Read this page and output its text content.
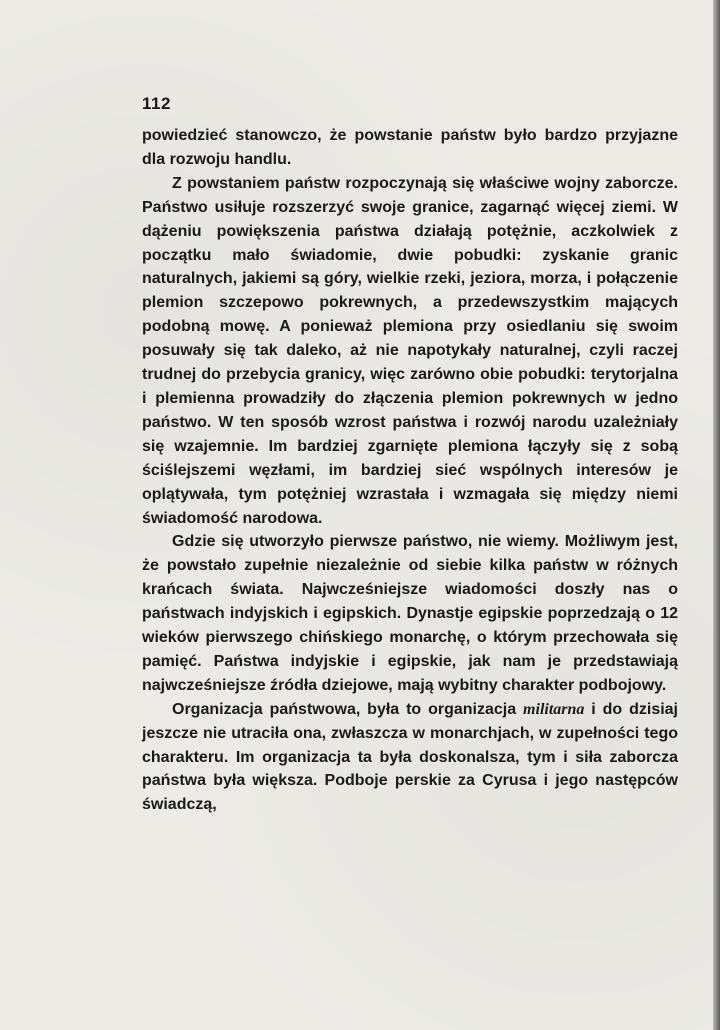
112

powiedzieć stanowczo, że powstanie państw było bardzo przyjazne dla rozwoju handlu.

Z powstaniem państw rozpoczynają się właściwe wojny zaborcze. Państwo usiłuje rozszerzyć swoje granice, zagarnąć więcej ziemi. W dążeniu powiększenia państwa działają potężnie, aczkolwiek z początku mało świadomie, dwie pobudki: zyskanie granic naturalnych, jakiemi są góry, wielkie rzeki, jeziora, morza, i połączenie plemion szczepowo pokrewnych, a przedewszystkim mających podobną mowę. A ponieważ plemiona przy osiedlaniu się swoim posuwały się tak daleko, aż nie napotykały naturalnej, czyli raczej trudnej do przebycia granicy, więc zarówno obie pobudki: terytorjalna i plemienna prowadziły do złączenia plemion pokrewnych w jedno państwo. W ten sposób wzrost państwa i rozwój narodu uzależniały się wzajemnie. Im bardziej zgarnięte plemiona łączyły się z sobą ściślejszemi węzłami, im bardziej sieć wspólnych interesów je oplątywała, tym potężniej wzrastała i wzmagała się między niemi świadomość narodowa.

Gdzie się utworzyło pierwsze państwo, nie wiemy. Możliwym jest, że powstało zupełnie niezależnie od siebie kilka państw w różnych krańcach świata. Najwcześniejsze wiadomości doszły nas o państwach indyjskich i egipskich. Dynastje egipskie poprzedzają o 12 wieków pierwszego chińskiego monarchę, o którym przechowała się pamięć. Państwa indyjskie i egipskie, jak nam je przedstawiają najwcześniejsze źródła dziejowe, mają wybitny charakter podbojowy.

Organizacja państwowa, była to organizacja militarna i do dzisiaj jeszcze nie utraciła ona, zwłaszcza w monarchjach, w zupełności tego charakteru. Im organizacja ta była doskonalsza, tym i siła zaborcza państwa była większa. Podboje perskie za Cyrusa i jego następców świadczą,
